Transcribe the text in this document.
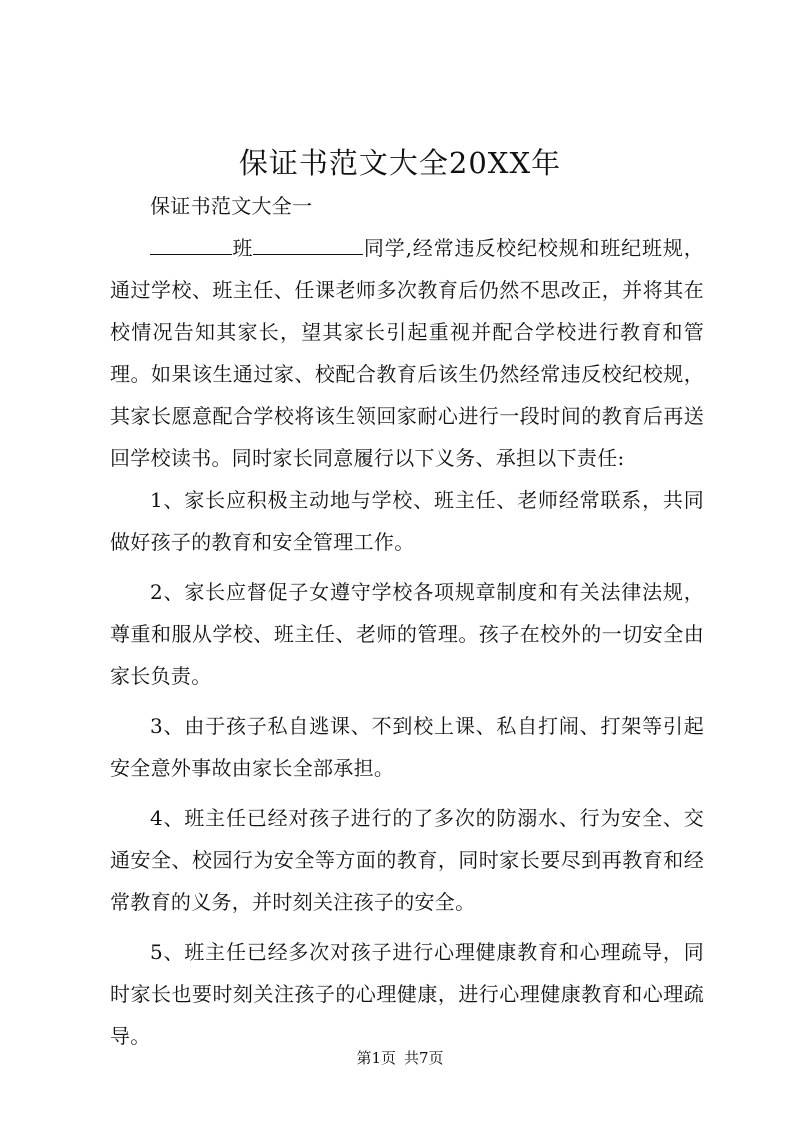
保证书范文大全20XX年

保证书范文大全一

班	同学,经常违反校纪校规和班纪班规，通过学校、班主任、任课老师多次教育后仍然不思改正，并将其在校情况告知其家长，望其家长引起重视并配合学校进行教育和管理。如果该生通过家、校配合教育后该生仍然经常违反校纪校规，其家长愿意配合学校将该生领回家耐心进行一段时间的教育后再送回学校读书。同时家长同意履行以下义务、承担以下责任:

1、家长应积极主动地与学校、班主任、老师经常联系，共同做好孩子的教育和安全管理工作。

2、家长应督促子女遵守学校各项规章制度和有关法律法规，尊重和服从学校、班主任、老师的管理。孩子在校外的一切安全由家长负责。

3、由于孩子私自逃课、不到校上课、私自打闹、打架等引起安全意外事故由家长全部承担。

4、班主任已经对孩子进行的了多次的防溺水、行为安全、交通安全、校园行为安全等方面的教育，同时家长要尽到再教育和经常教育的义务，并时刻关注孩子的安全。

5、班主任已经多次对孩子进行心理健康教育和心理疏导，同时家长也要时刻关注孩子的心理健康，进行心理健康教育和心理疏导。

第1页 共7页
